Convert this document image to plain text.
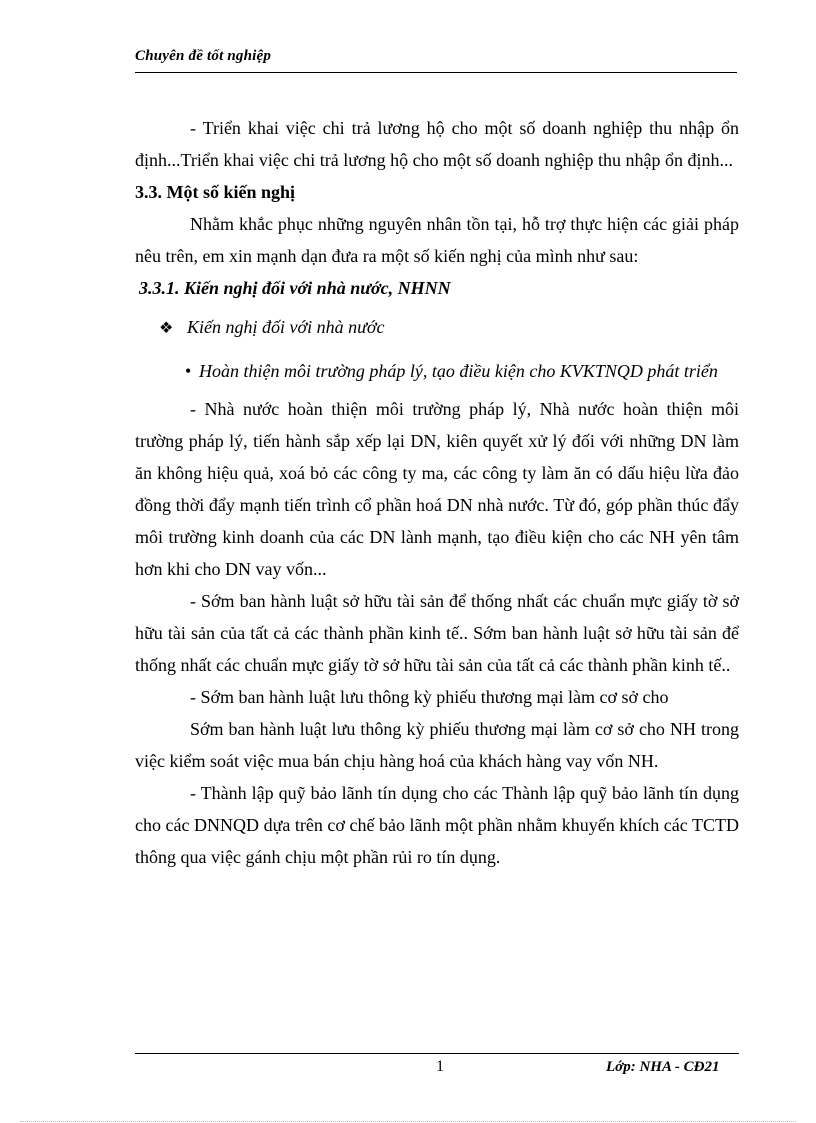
Chuyên đề tốt nghiệp

- Triển khai việc chi trả lương hộ cho một số doanh nghiệp thu nhập ổn định...Triển khai việc chi trả lương hộ cho một số doanh nghiệp thu nhập ổn định...

3.3. Một số kiến nghị

Nhằm khắc phục những nguyên nhân tồn tại, hỗ trợ thực hiện các giải pháp nêu trên, em xin mạnh dạn đưa ra một số kiến nghị của mình như sau:

3.3.1. Kiến nghị đối với nhà nước, NHNN

❖ Kiến nghị đối với nhà nước
• Hoàn thiện môi trường pháp lý, tạo điều kiện cho KVKTNQD phát triển

- Nhà nước hoàn thiện môi trường pháp lý, Nhà nước hoàn thiện môi trường pháp lý, tiến hành sắp xếp lại DN, kiên quyết xử lý đối với những DN làm ăn không hiệu quả, xoá bỏ các công ty ma, các công ty làm ăn có dấu hiệu lừa đảo đồng thời đẩy mạnh tiến trình cổ phần hoá DN nhà nước. Từ đó, góp phần thúc đẩy môi trường kinh doanh của các DN lành mạnh, tạo điều kiện cho các NH yên tâm hơn khi cho DN vay vốn...

- Sớm ban hành luật sở hữu tài sản để thống nhất các chuẩn mực giấy tờ sở hữu tài sản của tất cả các thành phần kinh tế.. Sớm ban hành luật sở hữu tài sản để thống nhất các chuẩn mực giấy tờ sở hữu tài sản của tất cả các thành phần kinh tế..

- Sớm ban hành luật lưu thông kỳ phiếu thương mại làm cơ sở cho

Sớm ban hành luật lưu thông kỳ phiếu thương mại làm cơ sở cho NH trong việc kiểm soát việc mua bán chịu hàng hoá của khách hàng vay vốn NH.

- Thành lập quỹ bảo lãnh tín dụng cho các Thành lập quỹ bảo lãnh tín dụng cho các DNNQD dựa trên cơ chế bảo lãnh một phần nhằm khuyến khích các TCTD thông qua việc gánh chịu một phần rủi ro tín dụng.

1	Lớp: NHA - CĐ21
